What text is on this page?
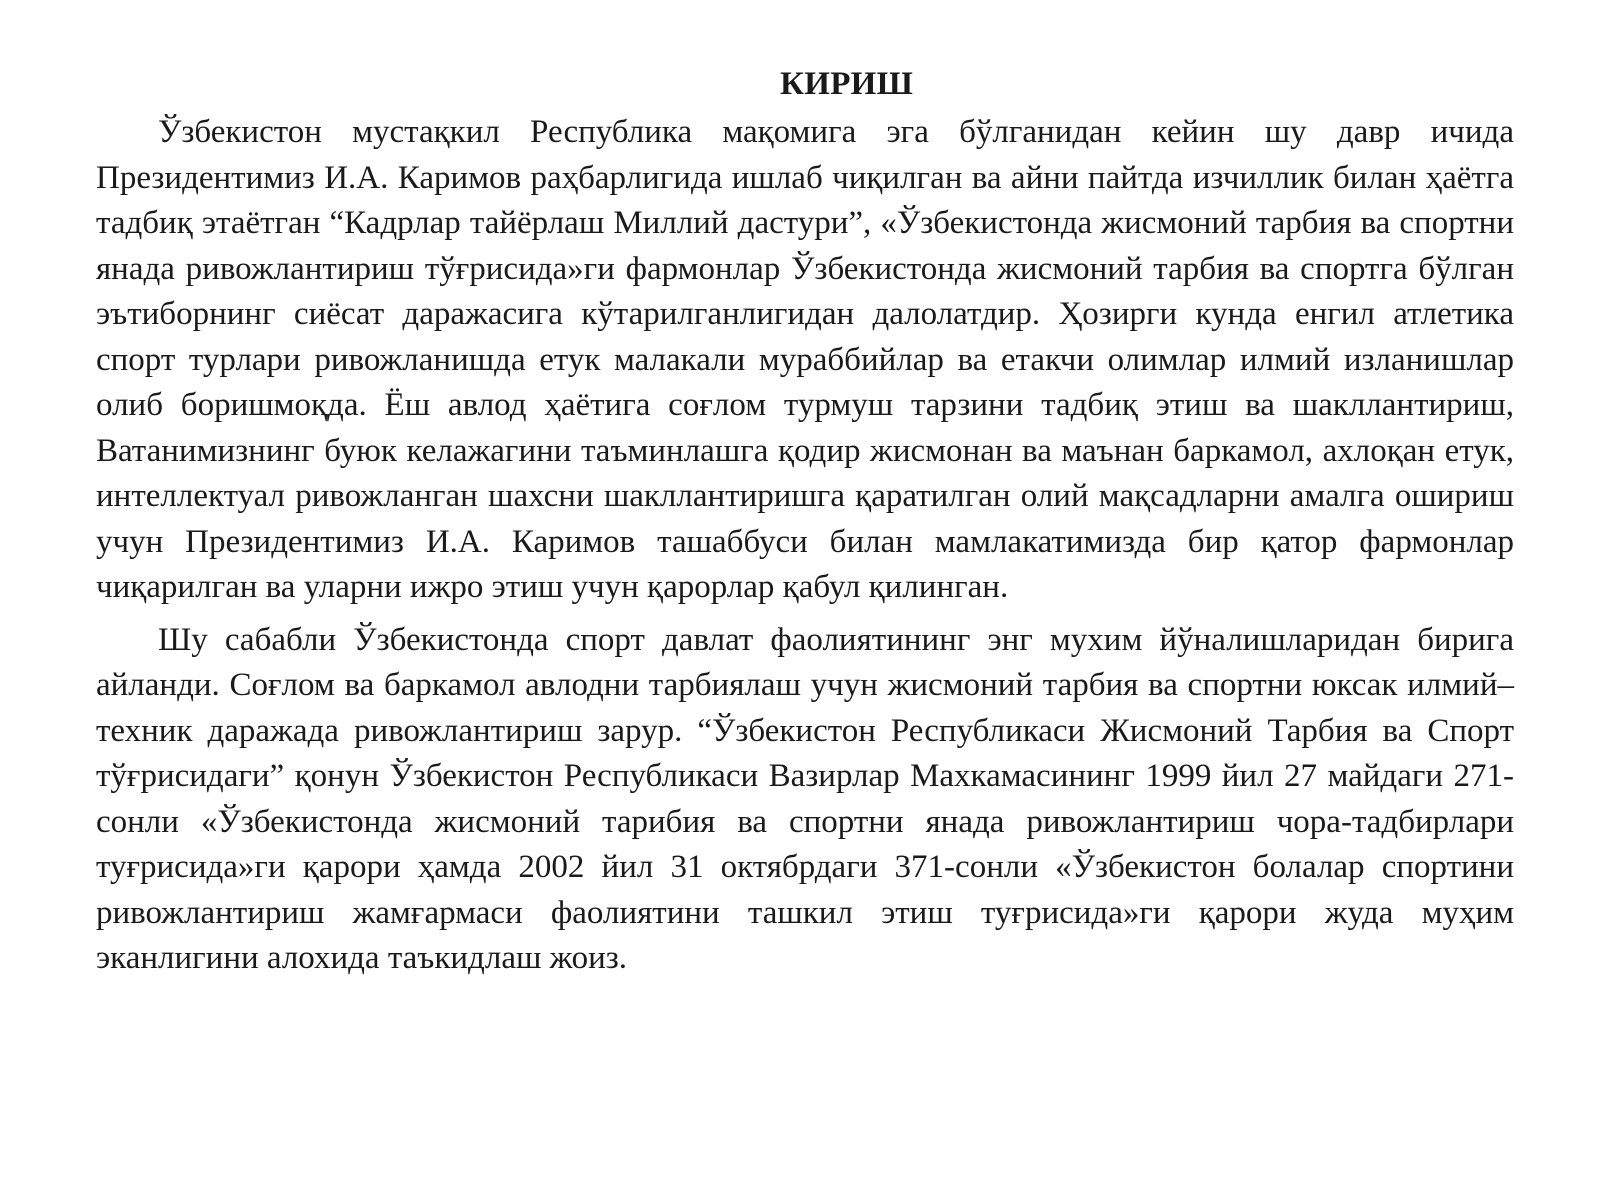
КИРИШ

Ўзбекистон мустақкил Республика мақомига эга бўлганидан кейин шу давр ичида Президентимиз И.А. Каримов раҳбарлигида ишлаб чиқилган ва айни пайтда изчиллик билан ҳаётга тадбиқ этаётган “Кадрлар тайёрлаш Миллий дастури”, «Ўзбекистонда жисмоний тарбия ва спортни янада ривожлантириш тўғрисида»ги фармонлар Ўзбекистонда жисмоний тарбия ва спортга бўлган эътиборнинг сиёсат даражасига кўтарилганлигидан далолатдир. Ҳозирги кунда енгил атлетика спорт турлари ривожланишда етук малакали мураббийлар ва етакчи олимлар илмий изланишлар олиб боришмоқда. Ёш авлод ҳаётига соғлом турмуш тарзини тадбиқ этиш ва шакллантириш, Ватанимизнинг буюк келажагини таъминлашга қодир жисмонан ва маънан баркамол, ахлоқан етук, интеллектуал ривожланган шахсни шакллантиришга қаратилган олий мақсадларни амалга ошириш учун Президентимиз И.А. Каримов ташаббуси билан мамлакатимизда бир қатор фармонлар чиқарилган ва уларни ижро этиш учун қарорлар қабул қилинган.

Шу сабабли Ўзбекистонда спорт давлат фаолиятининг энг мухим йўналишларидан бирига айланди. Соғлом ва баркамол авлодни тарбиялаш учун жисмоний тарбия ва спортни юксак илмий–техник даражада ривожлантириш зарур. “Ўзбекистон Республикаси Жисмоний Тарбия ва Спорт тўғрисидаги” қонун Ўзбекистон Республикаси Вазирлар Махкамасининг 1999 йил 27 майдаги 271-сонли «Ўзбекистонда жисмоний тарибия ва спортни янада ривожлантириш чора-тадбирлари туғрисида»ги қарори ҳамда 2002 йил 31 октябрдаги 371-сонли «Ўзбекистон болалар спортини ривожлантириш жамғармаси фаолиятини ташкил этиш туғрисида»ги қарори жуда муҳим эканлигини алохида таъкидлаш жоиз.
